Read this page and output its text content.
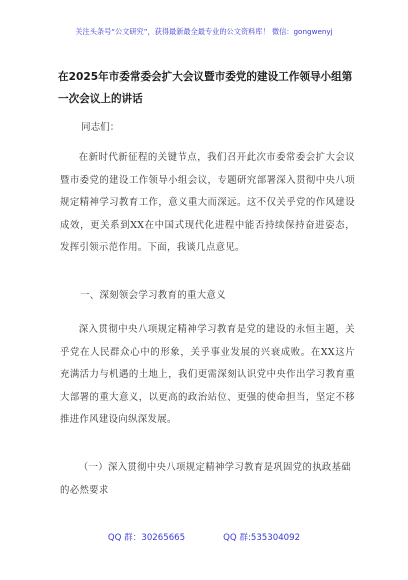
关注头条号“公文研究”，获得最新最全最专业的公文资料库！ 微信：gongwenyj
在2025年市委常委会扩大会议暨市委党的建设工作领导小组第一次会议上的讲话
同志们：
在新时代新征程的关键节点，我们召开此次市委常委会扩大会议暨市委党的建设工作领导小组会议，专题研究部署深入贯彻中央八项规定精神学习教育工作，意义重大而深远。这不仅关乎党的作风建设成效，更关系到XX在中国式现代化进程中能否持续保持奋进姿态，发挥引领示范作用。下面，我谈几点意见。
一、深刻领会学习教育的重大意义
深入贯彻中央八项规定精神学习教育是党的建设的永恒主题，关乎党在人民群众心中的形象，关乎事业发展的兴衰成败。在XX这片充满活力与机遇的土地上，我们更需深刻认识党中央作出学习教育重大部署的重大意义，以更高的政治站位、更强的使命担当，坚定不移推进作风建设向纵深发展。
（一）深入贯彻中央八项规定精神学习教育是巩固党的执政基础的必然要求
QQ 群：30265665	QQ 群:535304092
